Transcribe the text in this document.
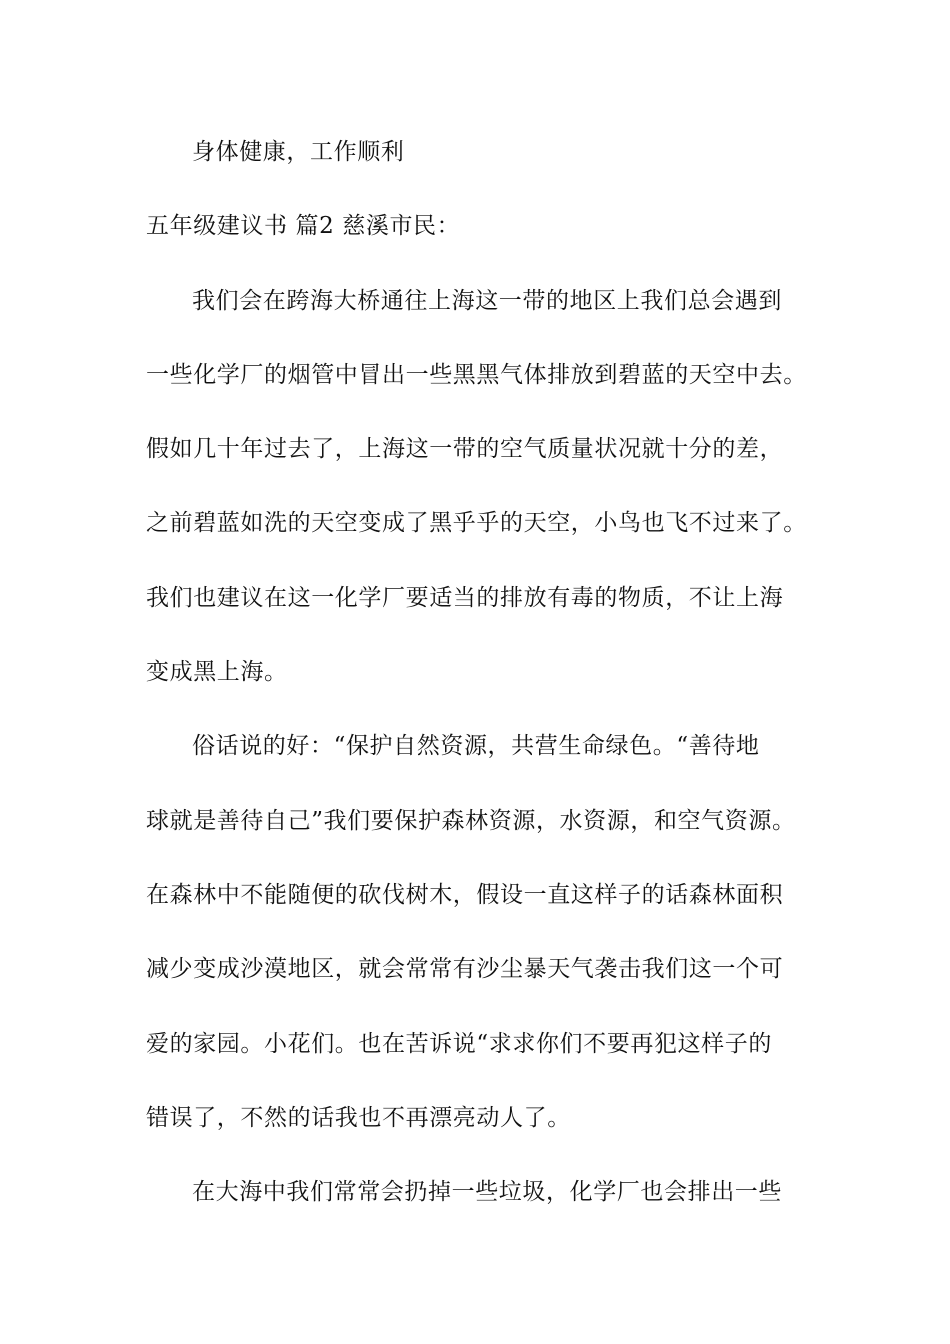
身体健康，工作顺利
五年级建议书 篇2 慈溪市民：
我们会在跨海大桥通往上海这一带的地区上我们总会遇到
一些化学厂的烟管中冒出一些黑黑气体排放到碧蓝的天空中去。
假如几十年过去了，上海这一带的空气质量状况就十分的差，
之前碧蓝如洗的天空变成了黑乎乎的天空，小鸟也飞不过来了。
我们也建议在这一化学厂要适当的排放有毒的物质，不让上海
变成黑上海。
俗话说的好：“保护自然资源，共营生命绿色。“善待地
球就是善待自己”我们要保护森林资源，水资源，和空气资源。
在森林中不能随便的砍伐树木，假设一直这样子的话森林面积
减少变成沙漠地区，就会常常有沙尘暴天气袭击我们这一个可
爱的家园。小花们。也在苦诉说“求求你们不要再犯这样子的
错误了，不然的话我也不再漂亮动人了。
在大海中我们常常会扔掉一些垃圾，化学厂也会排出一些
